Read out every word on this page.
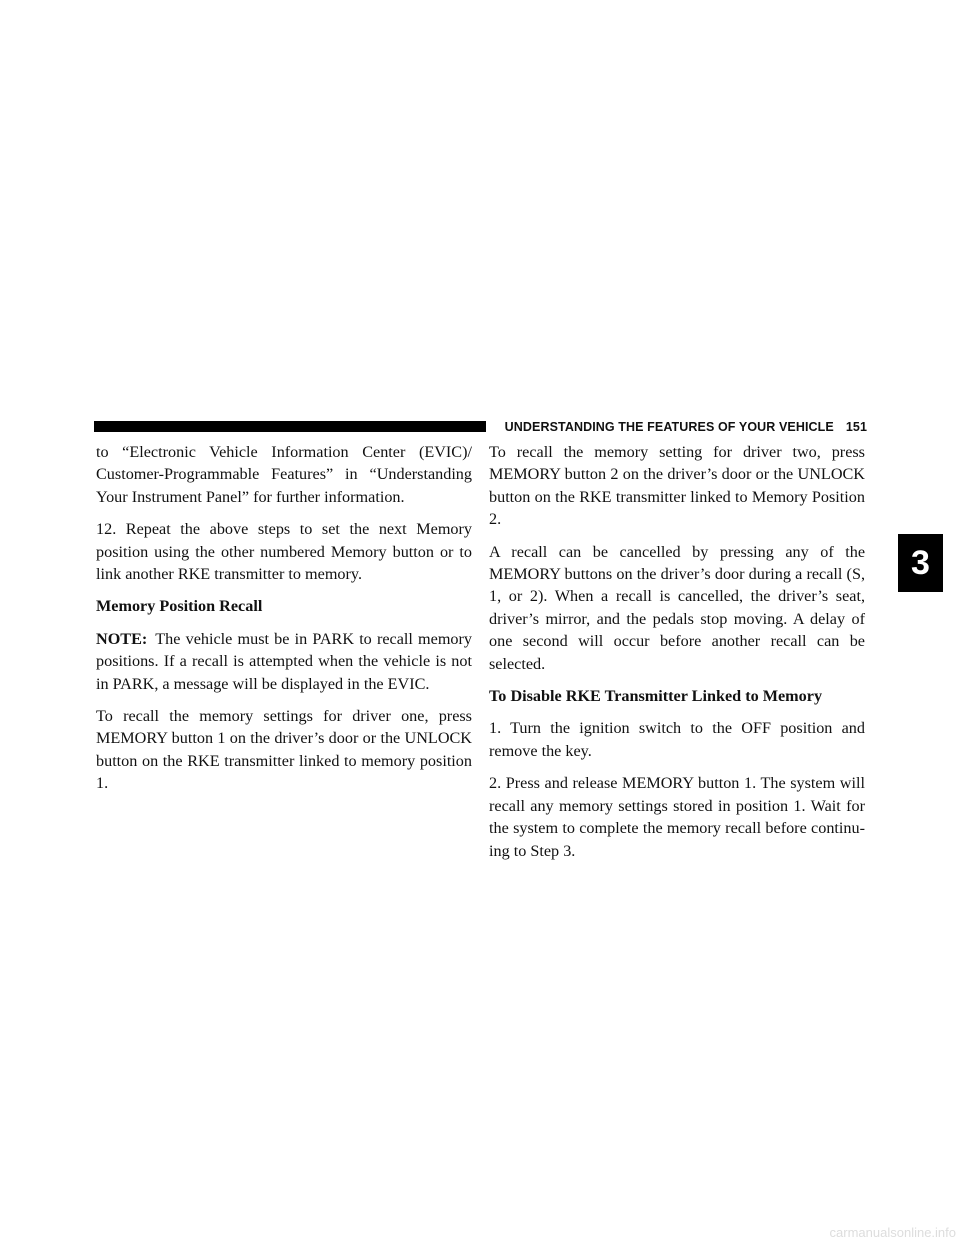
UNDERSTANDING THE FEATURES OF YOUR VEHICLE 151
3

to “Electronic Vehicle Information Center (EVIC)/ Customer-Programmable Features” in “Understanding Your Instrument Panel” for further information.

12. Repeat the above steps to set the next Memory position using the other numbered Memory button or to link another RKE transmitter to memory.

Memory Position Recall

NOTE: The vehicle must be in PARK to recall memory positions. If a recall is attempted when the vehicle is not in PARK, a message will be displayed in the EVIC.

To recall the memory settings for driver one, press MEMORY button 1 on the driver’s door or the UNLOCK button on the RKE transmitter linked to memory position 1.

To recall the memory setting for driver two, press MEMORY button 2 on the driver’s door or the UNLOCK button on the RKE transmitter linked to Memory Position 2.

A recall can be cancelled by pressing any of the MEMORY buttons on the driver’s door during a recall (S, 1, or 2). When a recall is cancelled, the driver’s seat, driver’s mirror, and the pedals stop moving. A delay of one second will occur before another recall can be selected.

To Disable RKE Transmitter Linked to Memory

1. Turn the ignition switch to the OFF position and remove the key.

2. Press and release MEMORY button 1. The system will recall any memory settings stored in position 1. Wait for the system to complete the memory recall before continu- ing to Step 3.

carmanualsonline.info
